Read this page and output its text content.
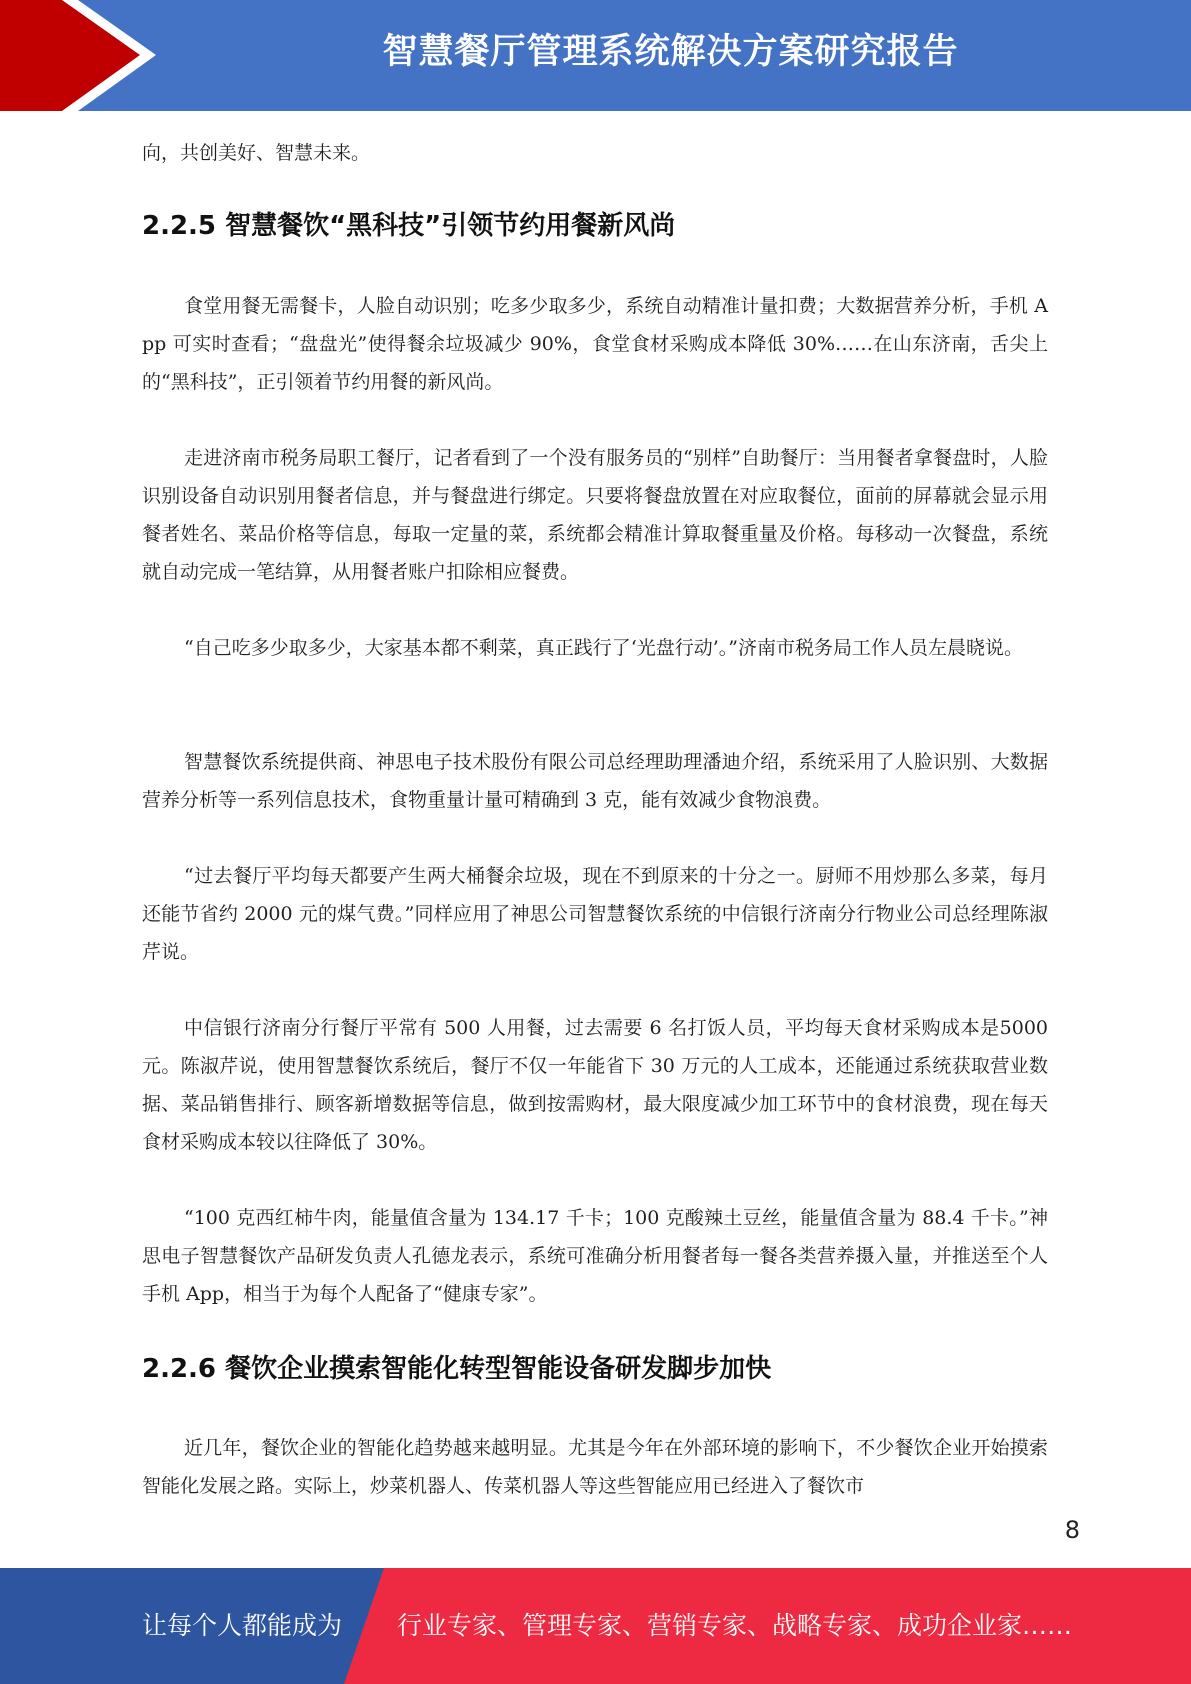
智慧餐厅管理系统解决方案研究报告

向，共创美好、智慧未来。

2.2.5 智慧餐饮“黑科技”引领节约用餐新风尚

食堂用餐无需餐卡，人脸自动识别；吃多少取多少，系统自动精准计量扣费；大数据营养分析，手机 App 可实时查看；“盘盘光”使得餐余垃圾减少 90%，食堂食材采购成本降低 30%……在山东济南，舌尖上的“黑科技”，正引领着节约用餐的新风尚。

走进济南市税务局职工餐厅，记者看到了一个没有服务员的“别样”自助餐厅：当用餐者拿餐盘时，人脸识别设备自动识别用餐者信息，并与餐盘进行绑定。只要将餐盘放置在对应取餐位，面前的屏幕就会显示用餐者姓名、菜品价格等信息，每取一定量的菜，系统都会精准计算取餐重量及价格。每移动一次餐盘，系统就自动完成一笔结算，从用餐者账户扣除相应餐费。

“自己吃多少取多少，大家基本都不剩菜，真正践行了‘光盘行动’。”济南市税务局工作人员左晨晓说。

智慧餐饮系统提供商、神思电子技术股份有限公司总经理助理潘迪介绍，系统采用了人脸识别、大数据营养分析等一系列信息技术，食物重量计量可精确到 3 克，能有效减少食物浪费。

“过去餐厅平均每天都要产生两大桶餐余垃圾，现在不到原来的十分之一。厨师不用炒那么多菜，每月还能节省约 2000 元的煤气费。”同样应用了神思公司智慧餐饮系统的中信银行济南分行物业公司总经理陈淑芹说。

中信银行济南分行餐厅平常有 500 人用餐，过去需要 6 名打饭人员，平均每天食材采购成本是5000 元。陈淑芹说，使用智慧餐饮系统后，餐厅不仅一年能省下 30 万元的人工成本，还能通过系统获取营业数据、菜品销售排行、顾客新增数据等信息，做到按需购材，最大限度减少加工环节中的食材浪费，现在每天食材采购成本较以往降低了 30%。

“100 克西红柿牛肉，能量值含量为 134.17 千卡；100 克酸辣土豆丝，能量值含量为 88.4 千卡。”神思电子智慧餐饮产品研发负责人孔德龙表示，系统可准确分析用餐者每一餐各类营养摄入量，并推送至个人手机 App，相当于为每个人配备了“健康专家”。

2.2.6 餐饮企业摸索智能化转型智能设备研发脚步加快

近几年，餐饮企业的智能化趋势越来越明显。尤其是今年在外部环境的影响下，不少餐饮企业开始摸索智能化发展之路。实际上，炒菜机器人、传菜机器人等这些智能应用已经进入了餐饮市

8
让每个人都能成为 行业专家、管理专家、营销专家、战略专家、成功企业家……
